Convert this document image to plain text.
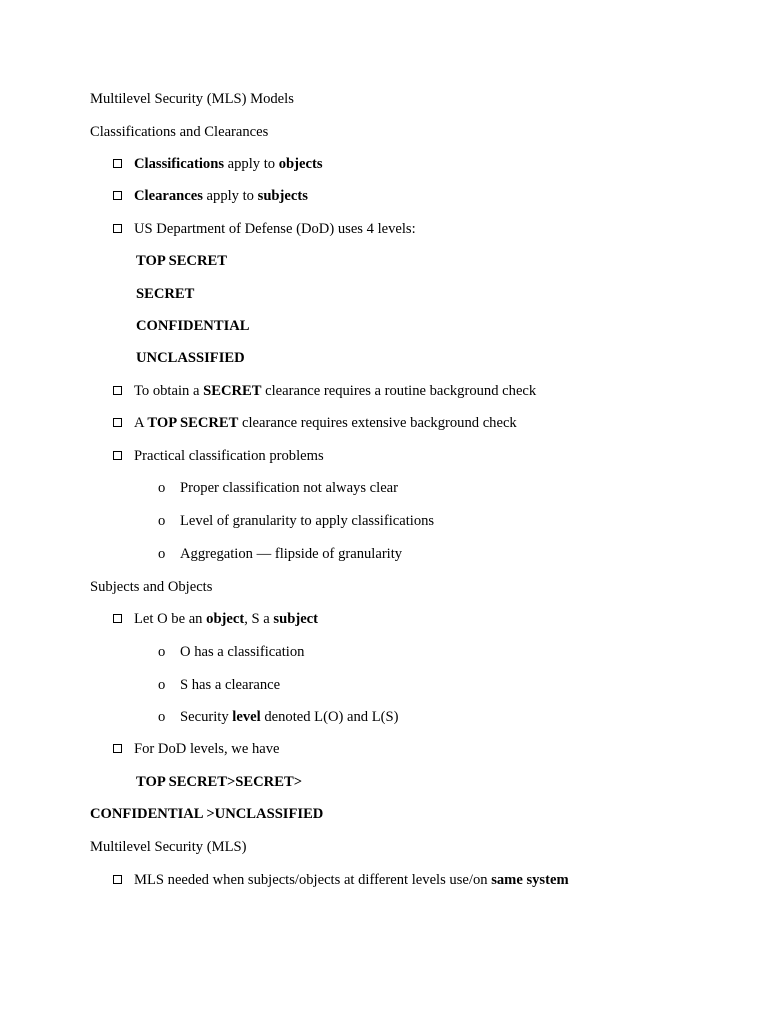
Multilevel Security (MLS) Models
Classifications and Clearances
Classifications apply to objects
Clearances apply to subjects
US Department of Defense (DoD) uses 4 levels:
TOP SECRET
SECRET
CONFIDENTIAL
UNCLASSIFIED
To obtain a SECRET clearance requires a routine background check
A TOP SECRET clearance requires extensive background check
Practical classification problems
o Proper classification not always clear
o Level of granularity to apply classifications
o Aggregation — flipside of granularity
Subjects and Objects
Let O be an object, S a subject
o O has a classification
o S has a clearance
o Security level denoted L(O) and L(S)
For DoD levels, we have
TOP SECRET>SECRET>
CONFIDENTIAL >UNCLASSIFIED
Multilevel Security (MLS)
MLS needed when subjects/objects at different levels use/on same system
